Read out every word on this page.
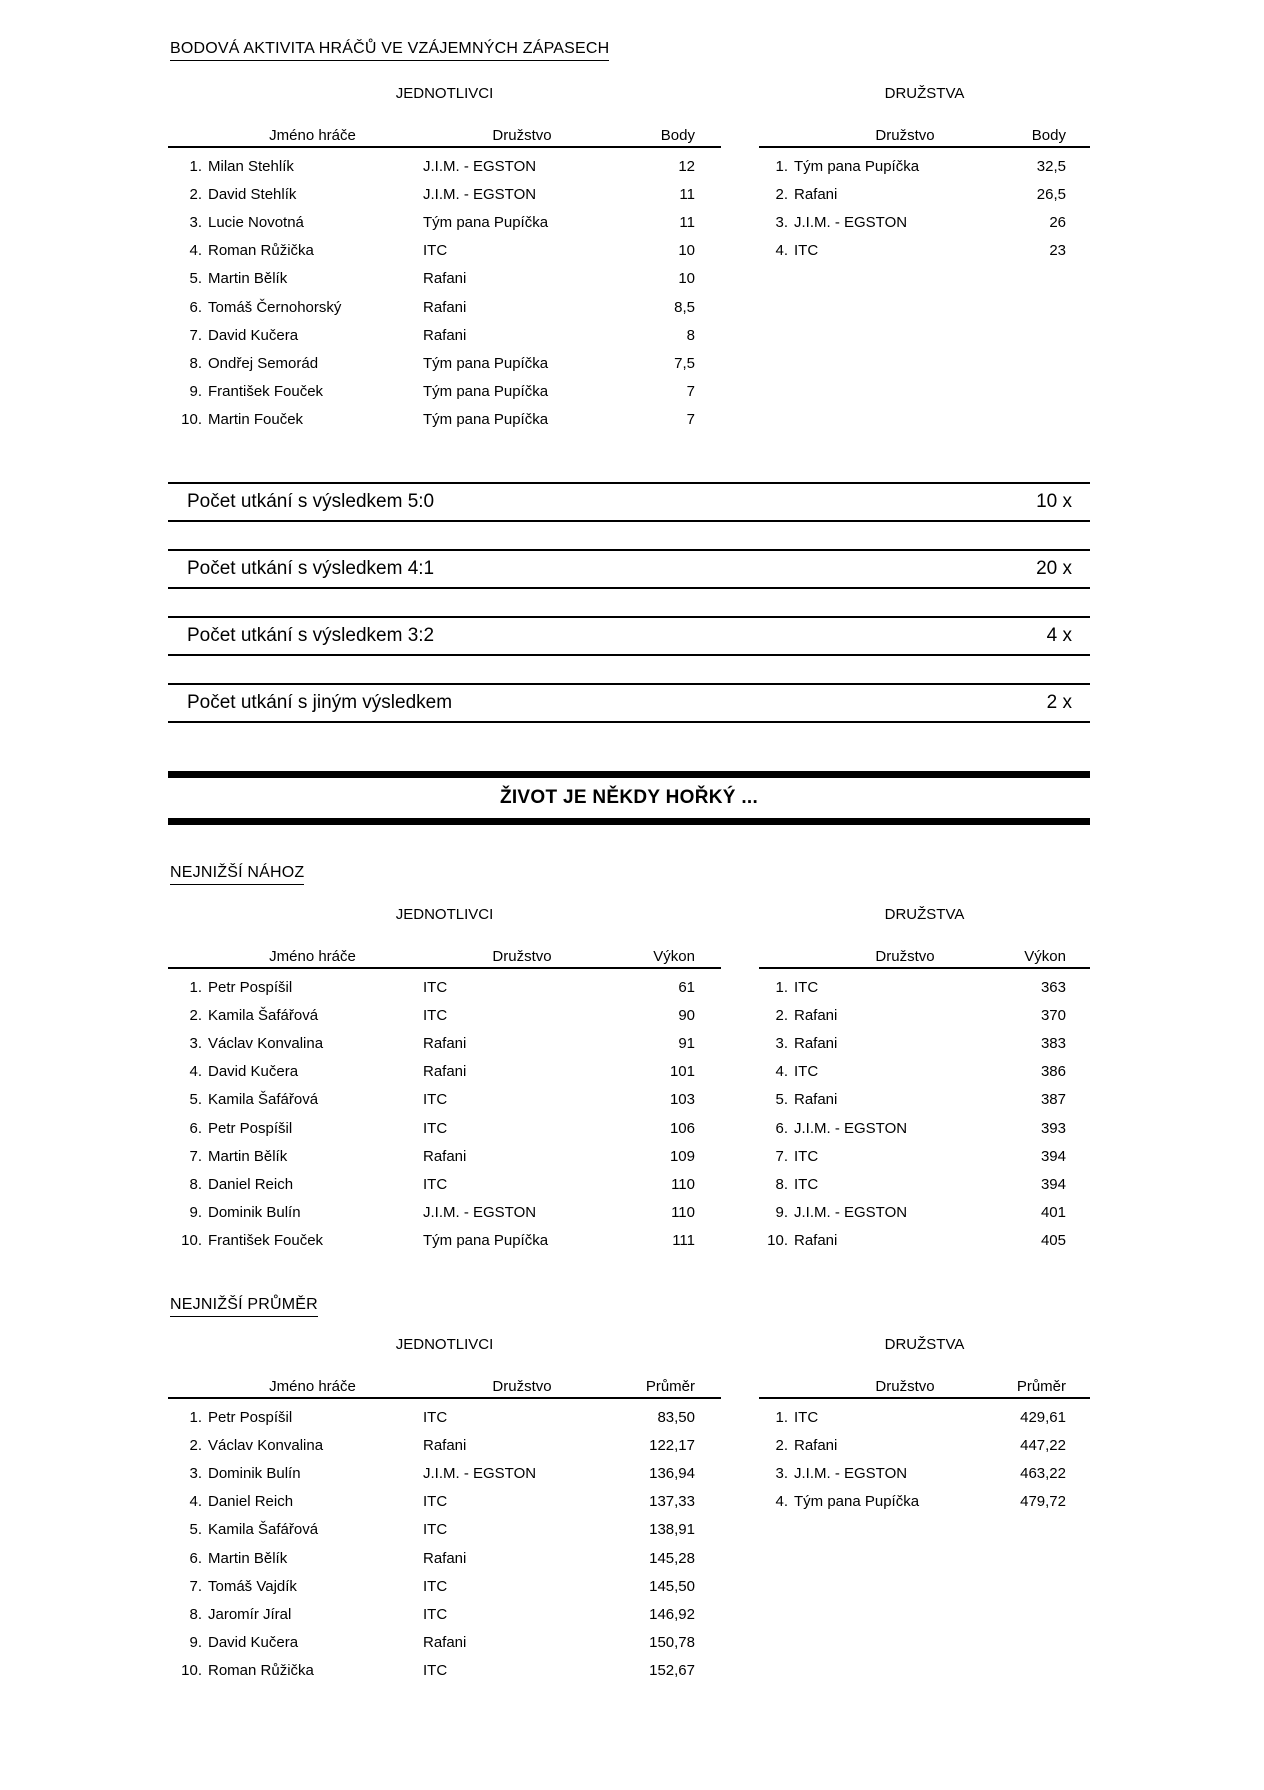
BODOVÁ AKTIVITA HRÁČŮ VE VZÁJEMNÝCH ZÁPASECH
JEDNOTLIVCI
Jméno hráče	Družstvo	Body
1. Milan Stehlík	J.I.M. - EGSTON	12
2. David Stehlík	J.I.M. - EGSTON	11
3. Lucie Novotná	Tým pana Pupíčka	11
4. Roman Růžička	ITC	10
5. Martin Bělík	Rafani	10
6. Tomáš Černohorský	Rafani	8,5
7. David Kučera	Rafani	8
8. Ondřej Semorád	Tým pana Pupíčka	7,5
9. František Fouček	Tým pana Pupíčka	7
10. Martin Fouček	Tým pana Pupíčka	7
DRUŽSTVA
Družstvo	Body
1. Tým pana Pupíčka	32,5
2. Rafani	26,5
3. J.I.M. - EGSTON	26
4. ITC	23
Počet utkání s výsledkem 5:0	10 x
Počet utkání s výsledkem 4:1	20 x
Počet utkání s výsledkem 3:2	4 x
Počet utkání s jiným výsledkem	2 x
ŽIVOT JE NĚKDY HOŘKÝ ...
NEJNIŽŠÍ NÁHOZ
JEDNOTLIVCI
Jméno hráče	Družstvo	Výkon
1. Petr Pospíšil	ITC	61
2. Kamila Šafářová	ITC	90
3. Václav Konvalina	Rafani	91
4. David Kučera	Rafani	101
5. Kamila Šafářová	ITC	103
6. Petr Pospíšil	ITC	106
7. Martin Bělík	Rafani	109
8. Daniel Reich	ITC	110
9. Dominik Bulín	J.I.M. - EGSTON	110
10. František Fouček	Tým pana Pupíčka	111
DRUŽSTVA
Družstvo	Výkon
1. ITC	363
2. Rafani	370
3. Rafani	383
4. ITC	386
5. Rafani	387
6. J.I.M. - EGSTON	393
7. ITC	394
8. ITC	394
9. J.I.M. - EGSTON	401
10. Rafani	405
NEJNIŽŠÍ PRŮMĚR
JEDNOTLIVCI
Jméno hráče	Družstvo	Průměr
1. Petr Pospíšil	ITC	83,50
2. Václav Konvalina	Rafani	122,17
3. Dominik Bulín	J.I.M. - EGSTON	136,94
4. Daniel Reich	ITC	137,33
5. Kamila Šafářová	ITC	138,91
6. Martin Bělík	Rafani	145,28
7. Tomáš Vajdík	ITC	145,50
8. Jaromír Jíral	ITC	146,92
9. David Kučera	Rafani	150,78
10. Roman Růžička	ITC	152,67
DRUŽSTVA
Družstvo	Průměr
1. ITC	429,61
2. Rafani	447,22
3. J.I.M. - EGSTON	463,22
4. Tým pana Pupíčka	479,72
